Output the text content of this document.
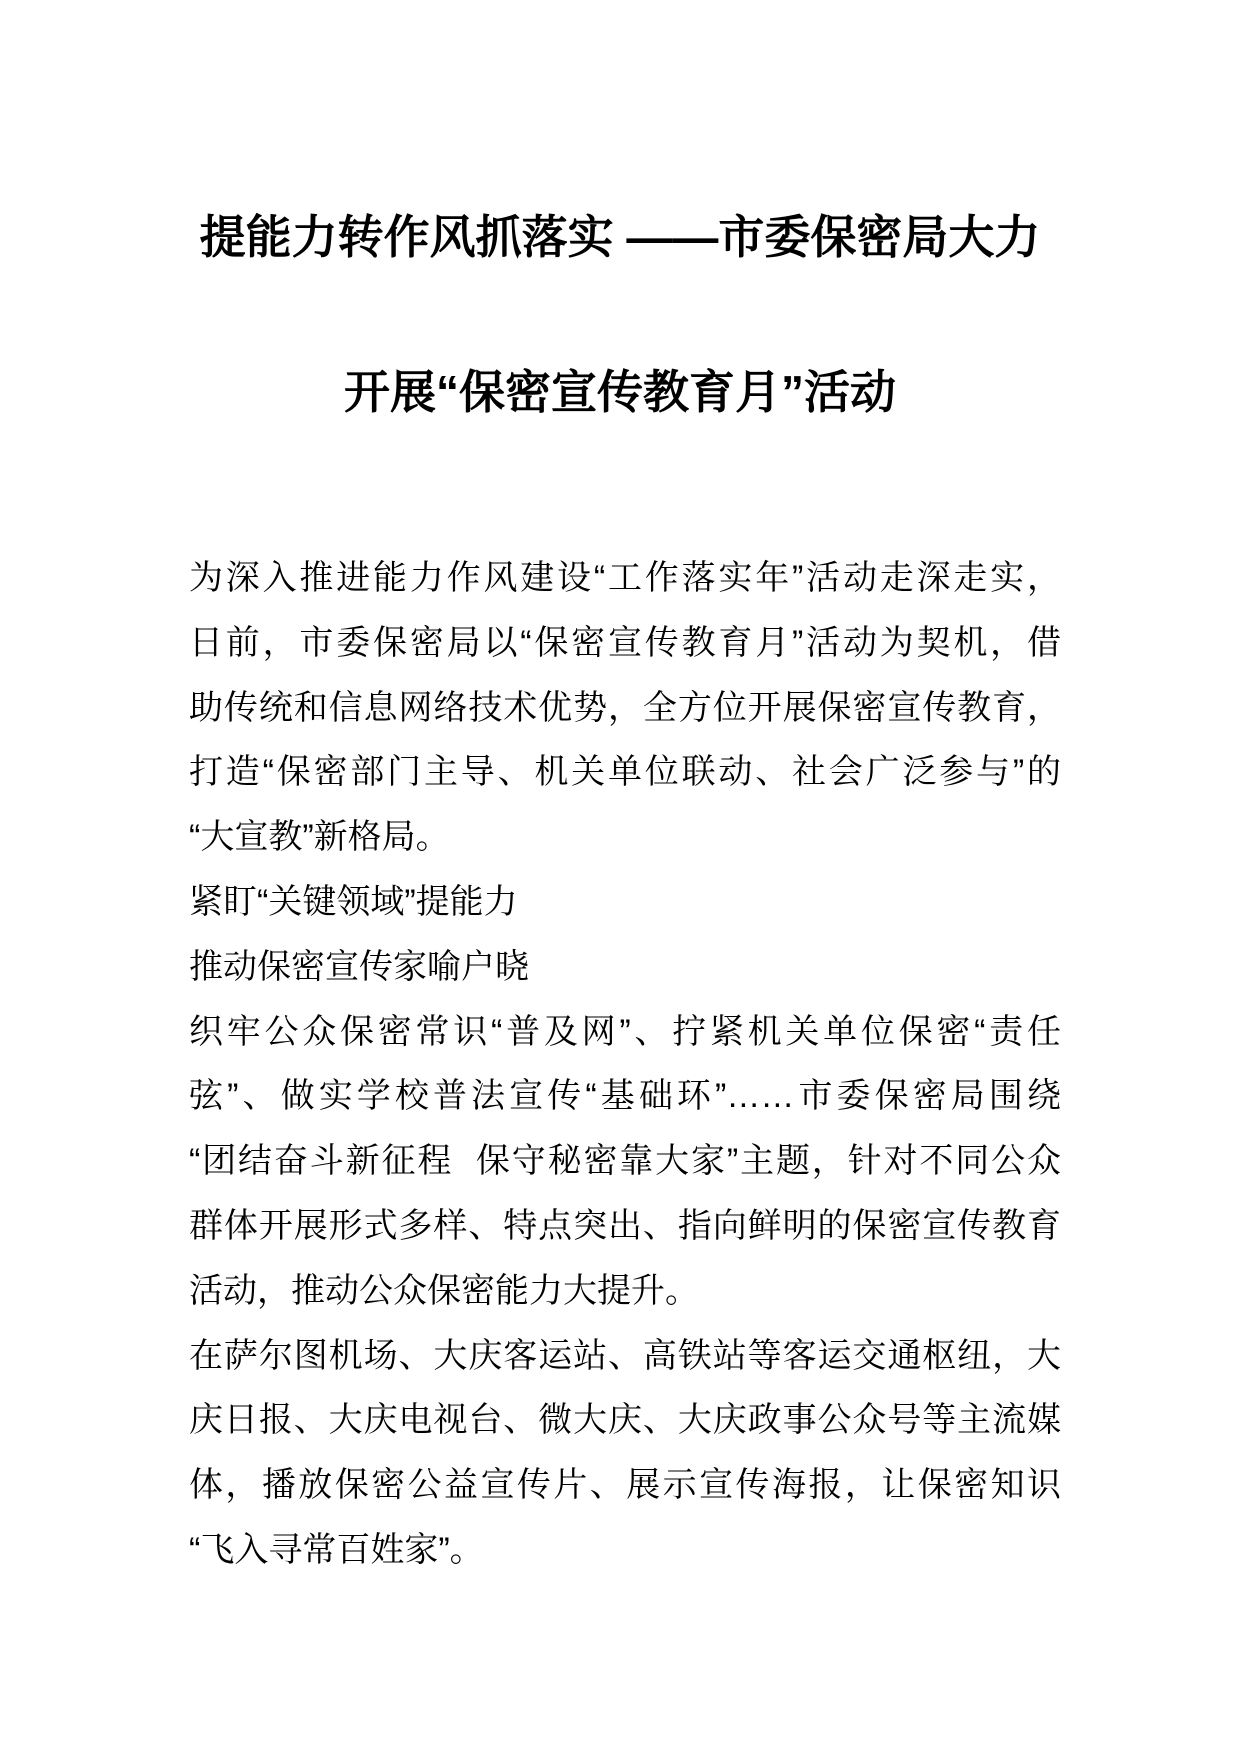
提能力转作风抓落实 ——市委保密局大力
开展“保密宣传教育月”活动
为深入推进能力作风建设“工作落实年”活动走深走实，
日前，市委保密局以“保密宣传教育月”活动为契机，借
助传统和信息网络技术优势，全方位开展保密宣传教育，
打造“保密部门主导、机关单位联动、社会广泛参与”的
“大宣教”新格局。
紧盯“关键领域”提能力
推动保密宣传家喻户晓
织牢公众保密常识“普及网”、拧紧机关单位保密“责任
弦”、做实学校普法宣传“基础环”……市委保密局围绕
“团结奋斗新征程  保守秘密靠大家”主题，针对不同公众
群体开展形式多样、特点突出、指向鲜明的保密宣传教育
活动，推动公众保密能力大提升。
在萨尔图机场、大庆客运站、高铁站等客运交通枢纽，大
庆日报、大庆电视台、微大庆、大庆政事公众号等主流媒
体，播放保密公益宣传片、展示宣传海报，让保密知识
“飞入寻常百姓家”。
